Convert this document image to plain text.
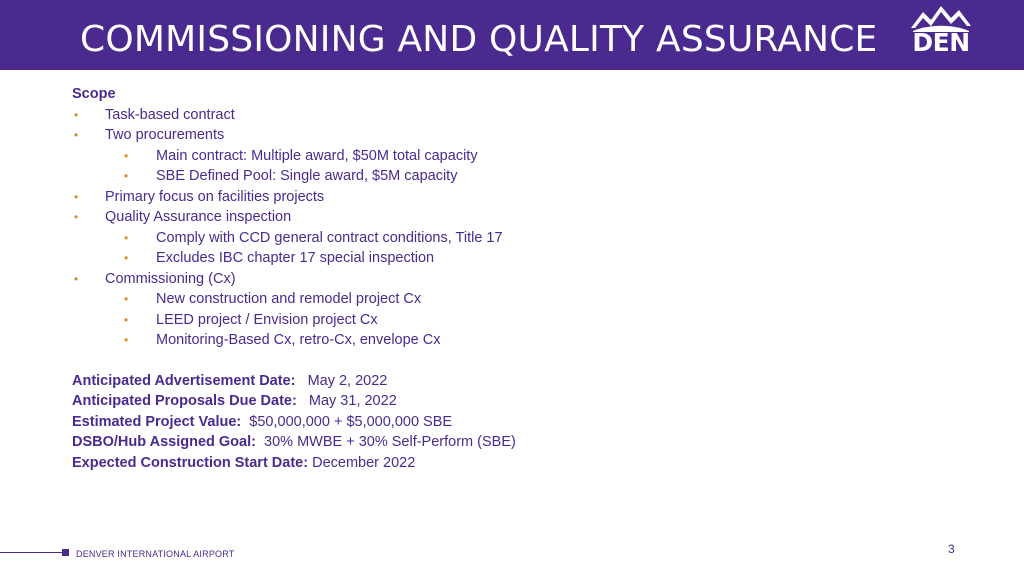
COMMISSIONING AND QUALITY ASSURANCE DEN
Scope
• Task-based contract
• Two procurements
• Main contract: Multiple award, $50M total capacity
• SBE Defined Pool: Single award, $5M capacity
• Primary focus on facilities projects
• Quality Assurance inspection
• Comply with CCD general contract conditions, Title 17
• Excludes IBC chapter 17 special inspection
• Commissioning (Cx)
• New construction and remodel project Cx
• LEED project / Envision project Cx
• Monitoring-Based Cx, retro-Cx, envelope Cx
Anticipated Advertisement Date: May 2, 2022
Anticipated Proposals Due Date: May 31, 2022
Estimated Project Value: $50,000,000 + $5,000,000 SBE
DSBO/Hub Assigned Goal: 30% MWBE + 30% Self-Perform (SBE)
Expected Construction Start Date: December 2022
DENVER INTERNATIONAL AIRPORT	3
